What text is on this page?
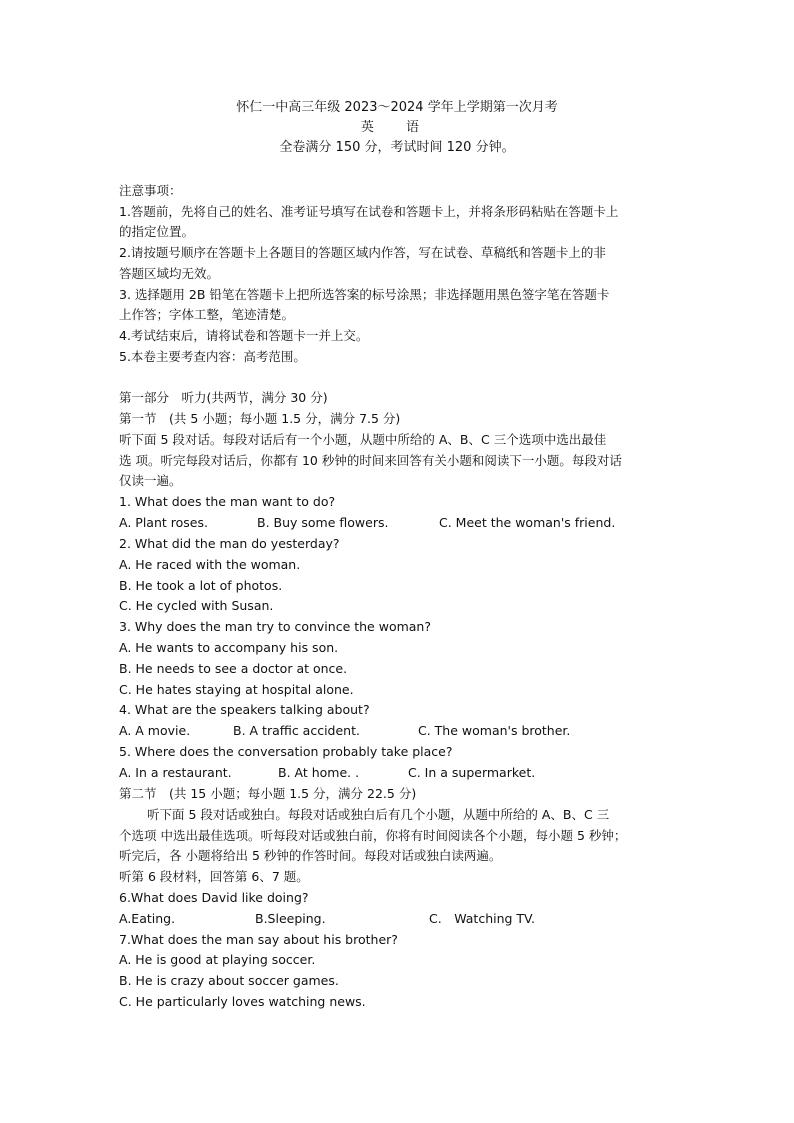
怀仁一中高三年级 2023～2024 学年上学期第一次月考
英 语
全卷满分 150 分，考试时间 120 分钟。
注意事项：
1.答题前，先将自己的姓名、准考证号填写在试卷和答题卡上，并将条形码粘贴在答题卡上
的指定位置。
2.请按题号顺序在答题卡上各题目的答题区域内作答，写在试卷、草稿纸和答题卡上的非
答题区域均无效。
3. 选择题用 2B 铅笔在答题卡上把所选答案的标号涂黑；非选择题用黑色签字笔在答题卡
上作答；字体工整，笔迹清楚。
4.考试结束后，请将试卷和答题卡一并上交。
5.本卷主要考查内容：高考范围。
第一部分　听力(共两节，满分 30 分)
第一节　(共 5 小题；每小题 1.5 分，满分 7.5 分)
听下面 5 段对话。每段对话后有一个小题，从题中所给的 A、B、C 三个选项中选出最佳
选 项。听完每段对话后，你都有 10 秒钟的时间来回答有关小题和阅读下一小题。每段对话
仅读一遍。
1. What does the man want to do?
A. Plant roses.	B. Buy some flowers.	C. Meet the woman's friend.
2. What did the man do yesterday?
A. He raced with the woman.
B. He took a lot of photos.
C. He cycled with Susan.
3. Why does the man try to convince the woman?
A. He wants to accompany his son.
B. He needs to see a doctor at once.
C. He hates staying at hospital alone.
4. What are the speakers talking about?
A. A movie.	B. A traffic accident.	C. The woman's brother.
5. Where does the conversation probably take place?
A. In a restaurant.	B. At home. .	C. In a supermarket.
第二节　(共 15 小题；每小题 1.5 分，满分 22.5 分)
听下面 5 段对话或独白。每段对话或独白后有几个小题，从题中所给的 A、B、C 三
个选项 中选出最佳选项。听每段对话或独白前，你将有时间阅读各个小题，每小题 5 秒钟；
听完后，各 小题将给出 5 秒钟的作答时间。每段对话或独白读两遍。
听第 6 段材料，回答第 6、7 题。
6.What does David like doing?
A.Eating.	B.Sleeping.	C.　Watching TV.
7.What does the man say about his brother?
A. He is good at playing soccer.
B. He is crazy about soccer games.
C. He particularly loves watching news.
